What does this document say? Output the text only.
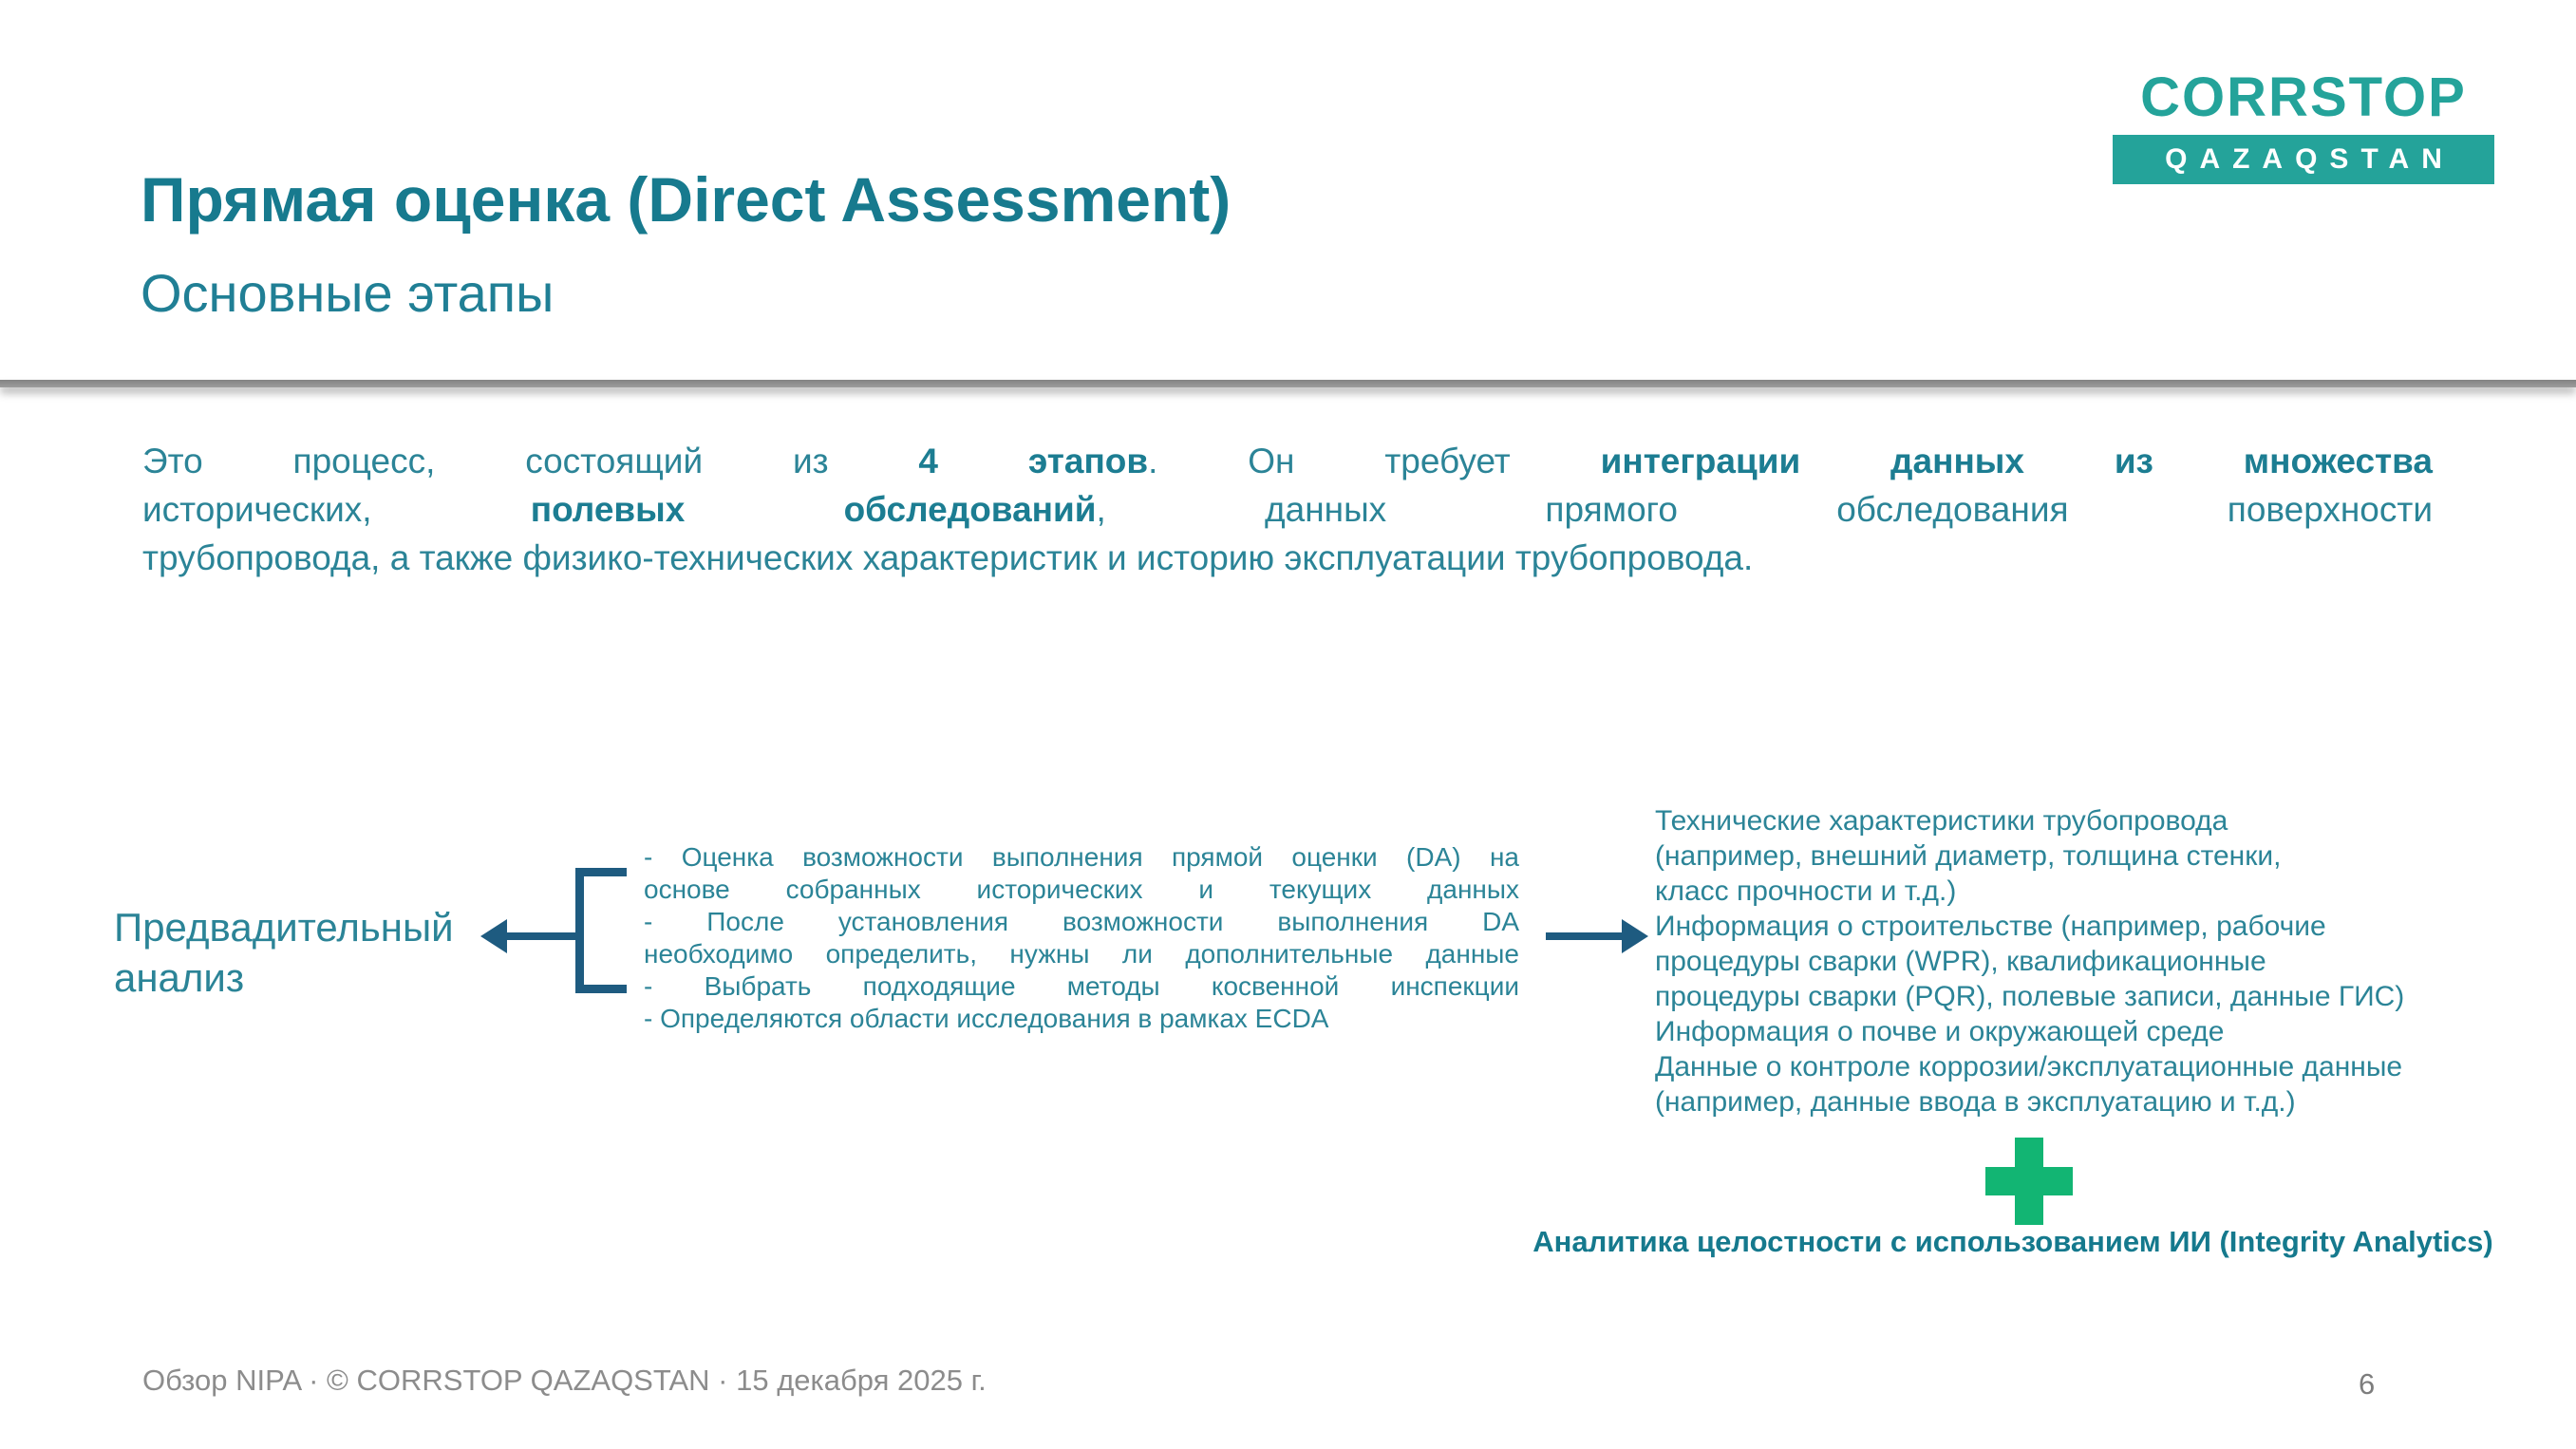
CORRSTOP
QAZAQSTAN
Прямая оценка (Direct Assessment)
Основные этапы
Это процесс, состоящий из 4 этапов. Он требует интеграции данных из множества
исторических, полевых обследований, данных прямого обследования поверхности
трубопровода, а также физико-технических характеристик и историю эксплуатации трубопровода.
Предвадительный анализ
- Оценка возможности выполнения прямой оценки (DA) на
основе собранных исторических и текущих данных
- После установления возможности выполнения DA
необходимо определить, нужны ли дополнительные данные
- Выбрать подходящие методы косвенной инспекции
- Определяются области исследования в рамках ECDA
Технические характеристики трубопровода
(например, внешний диаметр, толщина стенки,
класс прочности и т.д.)
Информация о строительстве (например, рабочие
процедуры сварки (WPR), квалификационные
процедуры сварки (PQR), полевые записи, данные ГИС)
Информация о почве и окружающей среде
Данные о контроле коррозии/эксплуатационные данные
(например, данные ввода в эксплуатацию и т.д.)
Аналитика целостности с использованием ИИ (Integrity Analytics)
Обзор NIPA · © CORRSTOP QAZAQSTAN · 15 декабря 2025 г.	6
